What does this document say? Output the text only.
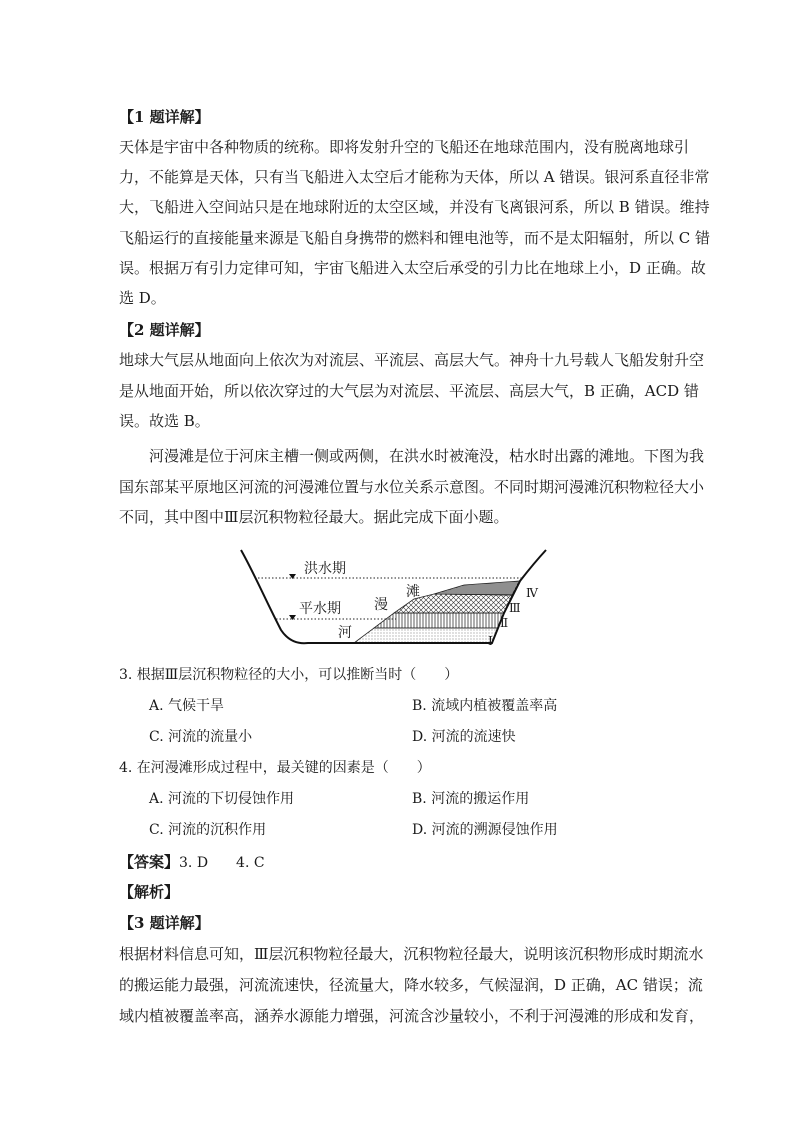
【1 题详解】
天体是宇宙中各种物质的统称。即将发射升空的飞船还在地球范围内，没有脱离地球引
力，不能算是天体，只有当飞船进入太空后才能称为天体，所以 A 错误。银河系直径非常
大，飞船进入空间站只是在地球附近的太空区域，并没有飞离银河系，所以 B 错误。维持
飞船运行的直接能量来源是飞船自身携带的燃料和锂电池等，而不是太阳辐射，所以 C 错
误。根据万有引力定律可知，宇宙飞船进入太空后承受的引力比在地球上小，D 正确。故
选 D。
【2 题详解】
地球大气层从地面向上依次为对流层、平流层、高层大气。神舟十九号载人飞船发射升空
是从地面开始，所以依次穿过的大气层为对流层、平流层、高层大气，B 正确，ACD 错
误。故选 B。
河漫滩是位于河床主槽一侧或两侧，在洪水时被淹没，枯水时出露的滩地。下图为我
国东部某平原地区河流的河漫滩位置与水位关系示意图。不同时期河漫滩沉积物粒径大小
不同，其中图中Ⅲ层沉积物粒径最大。据此完成下面小题。
洪水期
平水期
滩
漫
河
Ⅳ
Ⅲ
Ⅱ
Ⅰ
3. 根据Ⅲ层沉积物粒径的大小，可以推断当时（　　）
A. 气候干旱	B. 流域内植被覆盖率高
C. 河流的流量小	D. 河流的流速快
4. 在河漫滩形成过程中，最关键的因素是（　　）
A. 河流的下切侵蚀作用	B. 河流的搬运作用
C. 河流的沉积作用	D. 河流的溯源侵蚀作用
【答案】3. D　　4. C
【解析】
【3 题详解】
根据材料信息可知，Ⅲ层沉积物粒径最大，沉积物粒径最大，说明该沉积物形成时期流水
的搬运能力最强，河流流速快，径流量大，降水较多，气候湿润，D 正确，AC 错误；流
域内植被覆盖率高，涵养水源能力增强，河流含沙量较小，不利于河漫滩的形成和发育，
